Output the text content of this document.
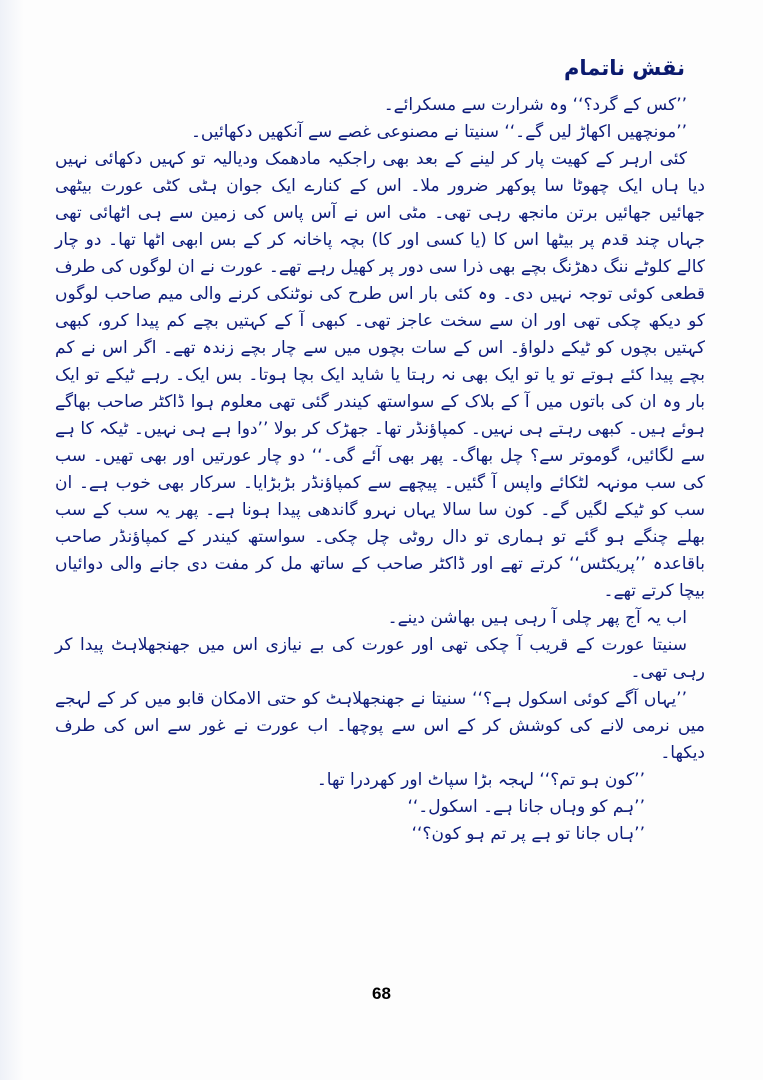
نقش ناتمام

’’کس کے گرد؟‘‘ وہ شرارت سے مسکرائے۔

’’مونچھیں اکھاڑ لیں گے۔‘‘ سنیتا نے مصنوعی غصے سے آنکھیں دکھائیں۔

کئی ارہر کے کھیت پار کر لینے کے بعد بھی راجکیہ مادھمک ودیالیہ تو کہیں دکھائی نہیں دیا ہاں ایک چھوٹا سا پوکھر ضرور ملا۔ اس کے کنارے ایک جوان ہٹی کٹی عورت بیٹھی جھائیں جھائیں برتن مانجھ رہی تھی۔ مٹی اس نے آس پاس کی زمین سے ہی اٹھائی تھی جہاں چند قدم پر بیٹھا اس کا (یا کسی اور کا) بچہ پاخانہ کر کے بس ابھی اٹھا تھا۔ دو چار کالے کلوٹے ننگ دھڑنگ بچے بھی ذرا سی دور پر کھیل رہے تھے۔ عورت نے ان لوگوں کی طرف قطعی کوئی توجہ نہیں دی۔ وہ کئی بار اس طرح کی نوٹنکی کرنے والی میم صاحب لوگوں کو دیکھ چکی تھی اور ان سے سخت عاجز تھی۔ کبھی آ کے کہتیں بچے کم پیدا کرو، کبھی کہتیں بچوں کو ٹیکے دلواؤ۔ اس کے سات بچوں میں سے چار بچے زندہ تھے۔ اگر اس نے کم بچے پیدا کئے ہوتے تو یا تو ایک بھی نہ رہتا یا شاید ایک بچا ہوتا۔ بس ایک۔ رہے ٹیکے تو ایک بار وہ ان کی باتوں میں آ کے بلاک کے سواستھ کیندر گئی تھی معلوم ہوا ڈاکٹر صاحب بھاگے ہوئے ہیں۔ کبھی رہتے ہی نہیں۔ کمپاؤنڈر تھا۔ جھڑک کر بولا ’’دوا ہے ہی نہیں۔ ٹیکہ کا ہے سے لگائیں، گوموتر سے؟ چل بھاگ۔ پھر بھی آئے گی۔‘‘ دو چار عورتیں اور بھی تھیں۔ سب کی سب مونہہ لٹکائے واپس آ گئیں۔ پیچھے سے کمپاؤنڈر بڑبڑایا۔ سرکار بھی خوب ہے۔ ان سب کو ٹیکے لگیں گے۔ کون سا سالا یہاں نہرو گاندھی پیدا ہونا ہے۔ پھر یہ سب کے سب بھلے چنگے ہو گئے تو ہماری تو دال روٹی چل چکی۔ سواستھ کیندر کے کمپاؤنڈر صاحب باقاعدہ ’’پریکٹس‘‘ کرتے تھے اور ڈاکٹر صاحب کے ساتھ مل کر مفت دی جانے والی دوائیاں بیچا کرتے تھے۔

اب یہ آج پھر چلی آ رہی ہیں بھاشن دینے۔

سنیتا عورت کے قریب آ چکی تھی اور عورت کی بے نیازی اس میں جھنجھلاہٹ پیدا کر رہی تھی۔

’’یہاں آگے کوئی اسکول ہے؟‘‘ سنیتا نے جھنجھلاہٹ کو حتی الامکان قابو میں کر کے لہجے میں نرمی لانے کی کوشش کر کے اس سے پوچھا۔ اب عورت نے غور سے اس کی طرف دیکھا۔

’’کون ہو تم؟‘‘ لہجہ بڑا سپاٹ اور کھردرا تھا۔

’’ہم کو وہاں جانا ہے۔ اسکول۔‘‘

’’ہاں جانا تو ہے پر تم ہو کون؟‘‘

68
